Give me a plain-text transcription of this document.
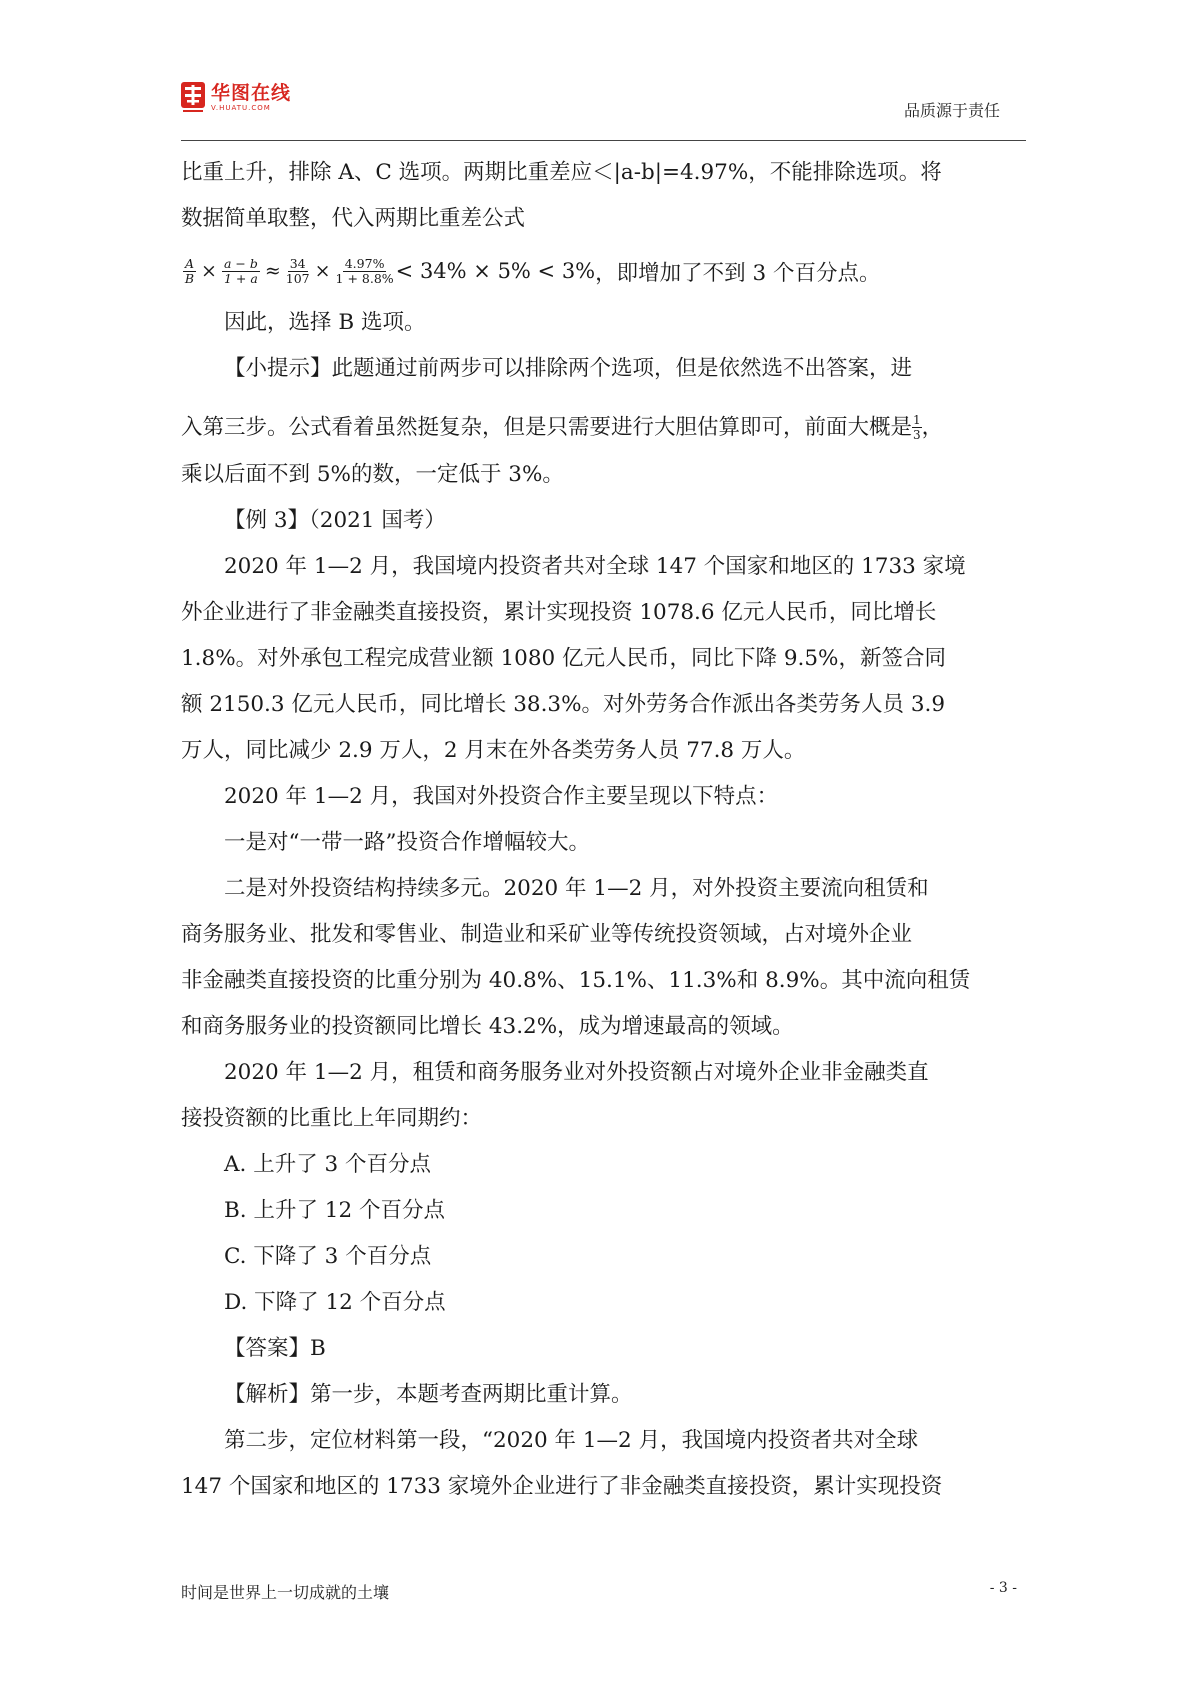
华图在线
V.HUATU.COM	品质源于责任

比重上升，排除 A、C 选项。两期比重差应＜|a-b|=4.97%，不能排除选项。将

数据简单取整，代入两期比重差公式

$\frac{A}{B} \times \frac{a - b}{1 + a} \approx \frac{34}{107} \times \frac{4.97\%}{1 + 8.8\%} < 34\% \times 5\% < 3\%$ ，即增加了不到 3 个百分点。

因此，选择 B 选项。

【小提示】此题通过前两步可以排除两个选项，但是依然选不出答案，进

入第三步。公式看着虽然挺复杂，但是只需要进行大胆估算即可，前面大概是 $\frac{1}{3}$ ，

乘以后面不到 5%的数，一定低于 3%。

【例 3】（2021 国考）

2020 年 1—2 月，我国境内投资者共对全球 147 个国家和地区的 1733 家境

外企业进行了非金融类直接投资，累计实现投资 1078.6 亿元人民币，同比增长

1.8%。对外承包工程完成营业额 1080 亿元人民币，同比下降 9.5%，新签合同

额 2150.3 亿元人民币，同比增长 38.3%。对外劳务合作派出各类劳务人员 3.9

万人，同比减少 2.9 万人，2 月末在外各类劳务人员 77.8 万人。

2020 年 1—2 月，我国对外投资合作主要呈现以下特点：

一是对“一带一路”投资合作增幅较大。

二是对外投资结构持续多元。2020 年 1—2 月，对外投资主要流向租赁和

商务服务业、批发和零售业、制造业和采矿业等传统投资领域，占对境外企业

非金融类直接投资的比重分别为 40.8%、15.1%、11.3%和 8.9%。其中流向租赁

和商务服务业的投资额同比增长 43.2%，成为增速最高的领域。

2020 年 1—2 月，租赁和商务服务业对外投资额占对境外企业非金融类直

接投资额的比重比上年同期约：

A. 上升了 3 个百分点

B. 上升了 12 个百分点

C. 下降了 3 个百分点

D. 下降了 12 个百分点

【答案】B

【解析】第一步，本题考查两期比重计算。

第二步，定位材料第一段，“2020 年 1—2 月，我国境内投资者共对全球

147 个国家和地区的 1733 家境外企业进行了非金融类直接投资，累计实现投资

时间是世界上一切成就的土壤	- 3 -
